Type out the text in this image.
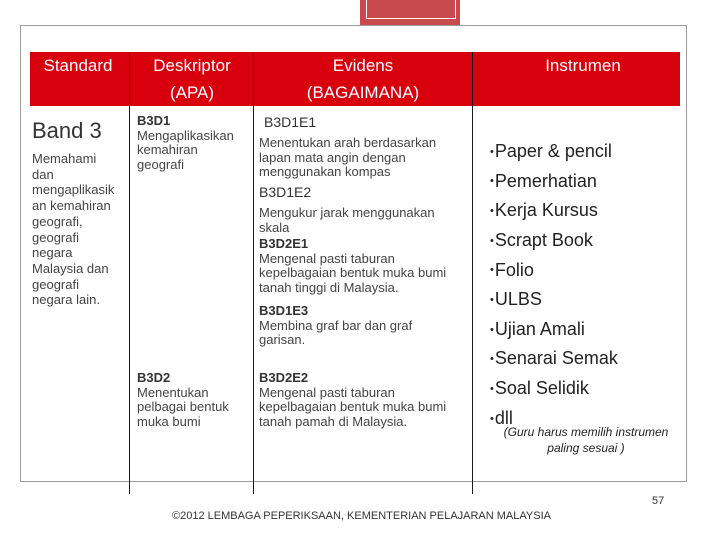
Standard	Deskriptor
(APA)
Evidens
(BAGAIMANA)
Instrumen
Band 3
Memahami
dan
mengaplikasik
an kemahiran
geografi,
geografi
negara
Malaysia dan
geografi
negara lain.
B3D1
Mengaplikasikan
kemahiran
geografi
B3D2
Menentukan
pelbagai bentuk
muka bumi
B3D1E1
Menentukan arah berdasarkan
lapan mata angin dengan
menggunakan kompas
B3D1E2
Mengukur jarak menggunakan
skala
B3D2E1
Mengenal pasti taburan
kepelbagaian bentuk muka bumi
tanah tinggi di Malaysia.
B3D1E3
Membina graf bar dan graf
garisan.
B3D2E2
Mengenal pasti taburan
kepelbagaian bentuk muka bumi
tanah pamah di Malaysia.
•Paper & pencil
•Pemerhatian
•Kerja Kursus
•Scrapt Book
•Folio
•ULBS
•Ujian Amali
•Senarai Semak
•Soal Selidik
•dll
(Guru harus memilih instrumen
paling sesuai )
©2012 LEMBAGA PEPERIKSAAN, KEMENTERIAN PELAJARAN MALAYSIA
57
